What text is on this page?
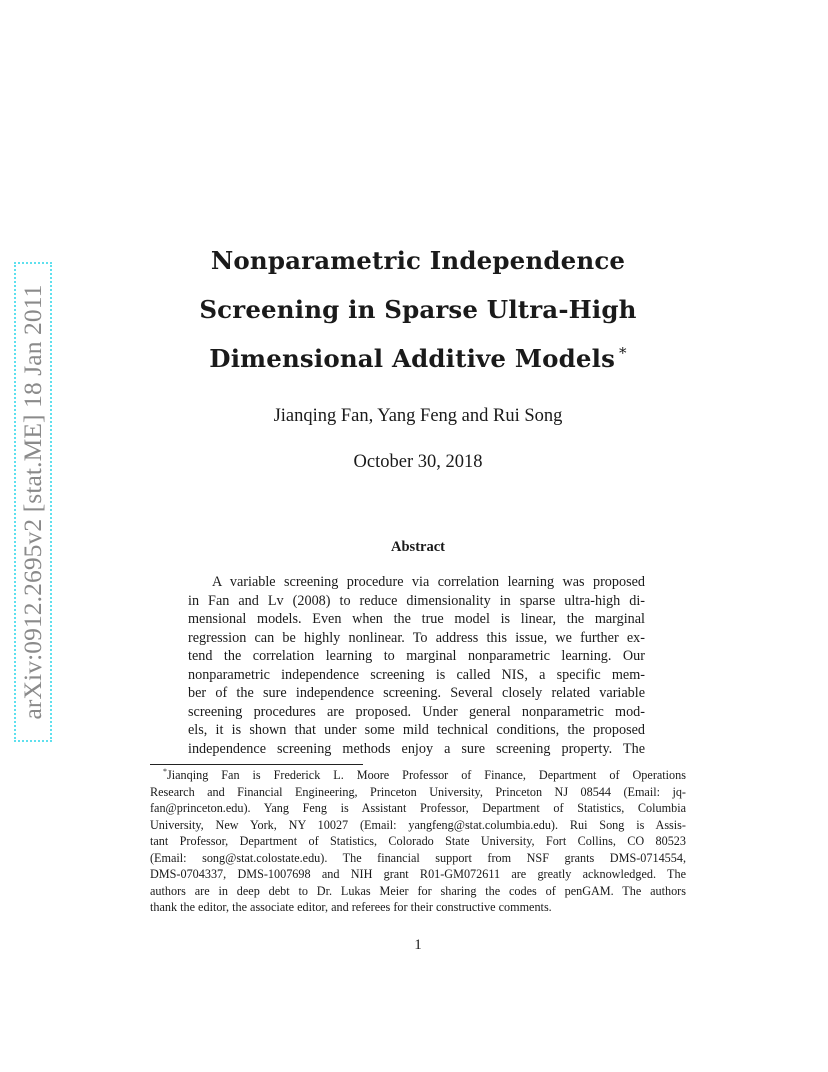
arXiv:0912.2695v2 [stat.ME] 18 Jan 2011
Nonparametric Independence
Screening in Sparse Ultra-High
Dimensional Additive Models *
Jianqing Fan, Yang Feng and Rui Song
October 30, 2018
Abstract
A variable screening procedure via correlation learning was proposed
in Fan and Lv (2008) to reduce dimensionality in sparse ultra-high di-
mensional models. Even when the true model is linear, the marginal
regression can be highly nonlinear. To address this issue, we further ex-
tend the correlation learning to marginal nonparametric learning. Our
nonparametric independence screening is called NIS, a specific mem-
ber of the sure independence screening. Several closely related variable
screening procedures are proposed. Under general nonparametric mod-
els, it is shown that under some mild technical conditions, the proposed
independence screening methods enjoy a sure screening property. The
*Jianqing Fan is Frederick L. Moore Professor of Finance, Department of Operations
Research and Financial Engineering, Princeton University, Princeton NJ 08544 (Email: jq-
fan@princeton.edu). Yang Feng is Assistant Professor, Department of Statistics, Columbia
University, New York, NY 10027 (Email: yangfeng@stat.columbia.edu). Rui Song is Assis-
tant Professor, Department of Statistics, Colorado State University, Fort Collins, CO 80523
(Email: song@stat.colostate.edu). The financial support from NSF grants DMS-0714554,
DMS-0704337, DMS-1007698 and NIH grant R01-GM072611 are greatly acknowledged. The
authors are in deep debt to Dr. Lukas Meier for sharing the codes of penGAM. The authors
thank the editor, the associate editor, and referees for their constructive comments.
1
